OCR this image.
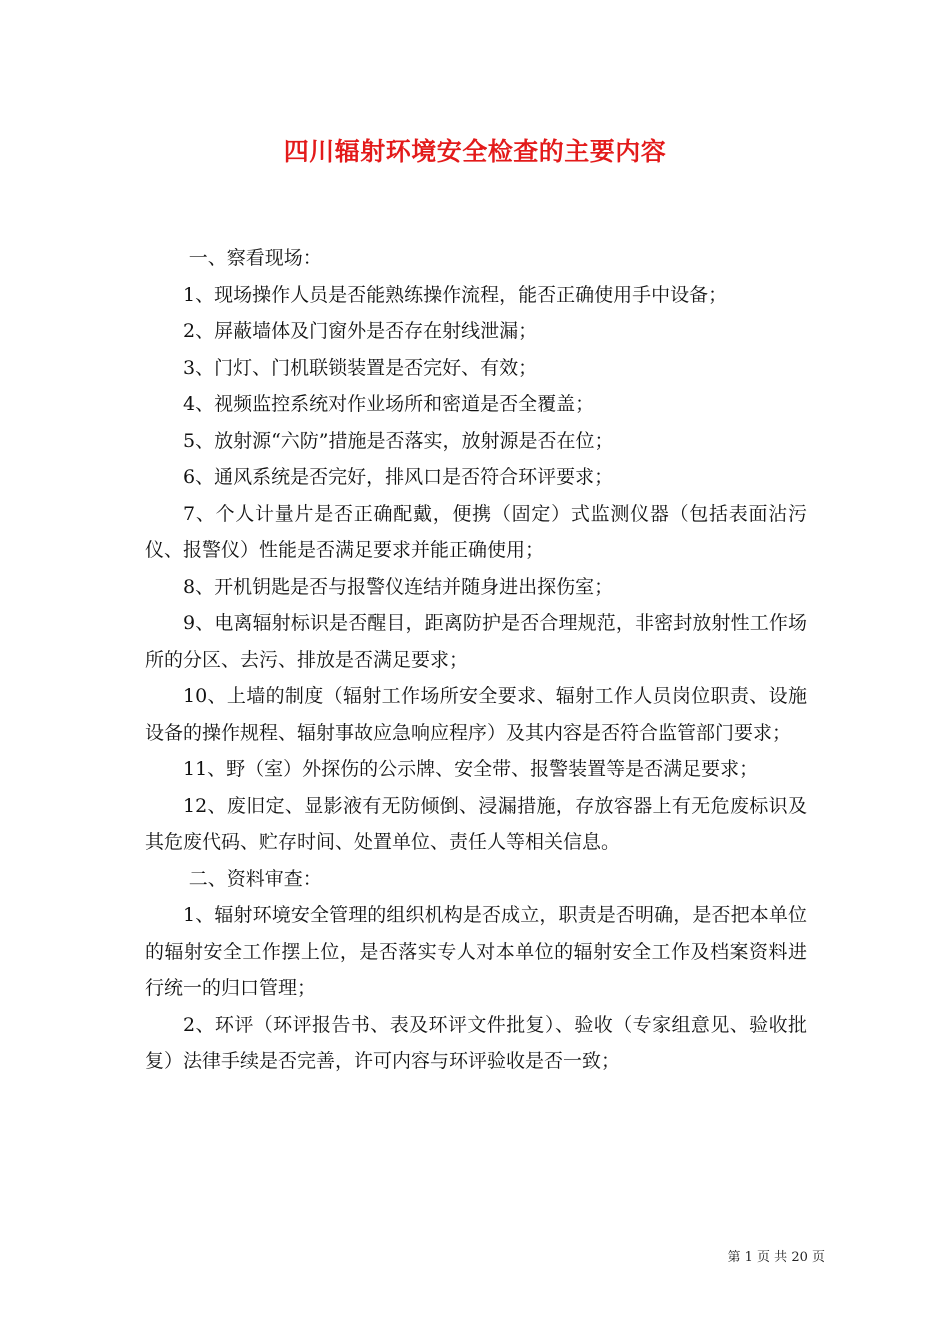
四川辐射环境安全检查的主要内容

一、察看现场：

1、现场操作人员是否能熟练操作流程，能否正确使用手中设备；

2、屏蔽墙体及门窗外是否存在射线泄漏；

3、门灯、门机联锁装置是否完好、有效；

4、视频监控系统对作业场所和密道是否全覆盖；

5、放射源“六防”措施是否落实，放射源是否在位；

6、通风系统是否完好，排风口是否符合环评要求；

7、个人计量片是否正确配戴，便携（固定）式监测仪器（包括表面沾污仪、报警仪）性能是否满足要求并能正确使用；

8、开机钥匙是否与报警仪连结并随身进出探伤室；

9、电离辐射标识是否醒目，距离防护是否合理规范，非密封放射性工作场所的分区、去污、排放是否满足要求；

10、上墙的制度（辐射工作场所安全要求、辐射工作人员岗位职责、设施设备的操作规程、辐射事故应急响应程序）及其内容是否符合监管部门要求；

11、野（室）外探伤的公示牌、安全带、报警装置等是否满足要求；

12、废旧定、显影液有无防倾倒、浸漏措施，存放容器上有无危废标识及其危废代码、贮存时间、处置单位、责任人等相关信息。

二、资料审查：

1、辐射环境安全管理的组织机构是否成立，职责是否明确，是否把本单位的辐射安全工作摆上位，是否落实专人对本单位的辐射安全工作及档案资料进行统一的归口管理；

2、环评（环评报告书、表及环评文件批复）、验收（专家组意见、验收批复）法律手续是否完善，许可内容与环评验收是否一致；

第 1 页 共 20 页
